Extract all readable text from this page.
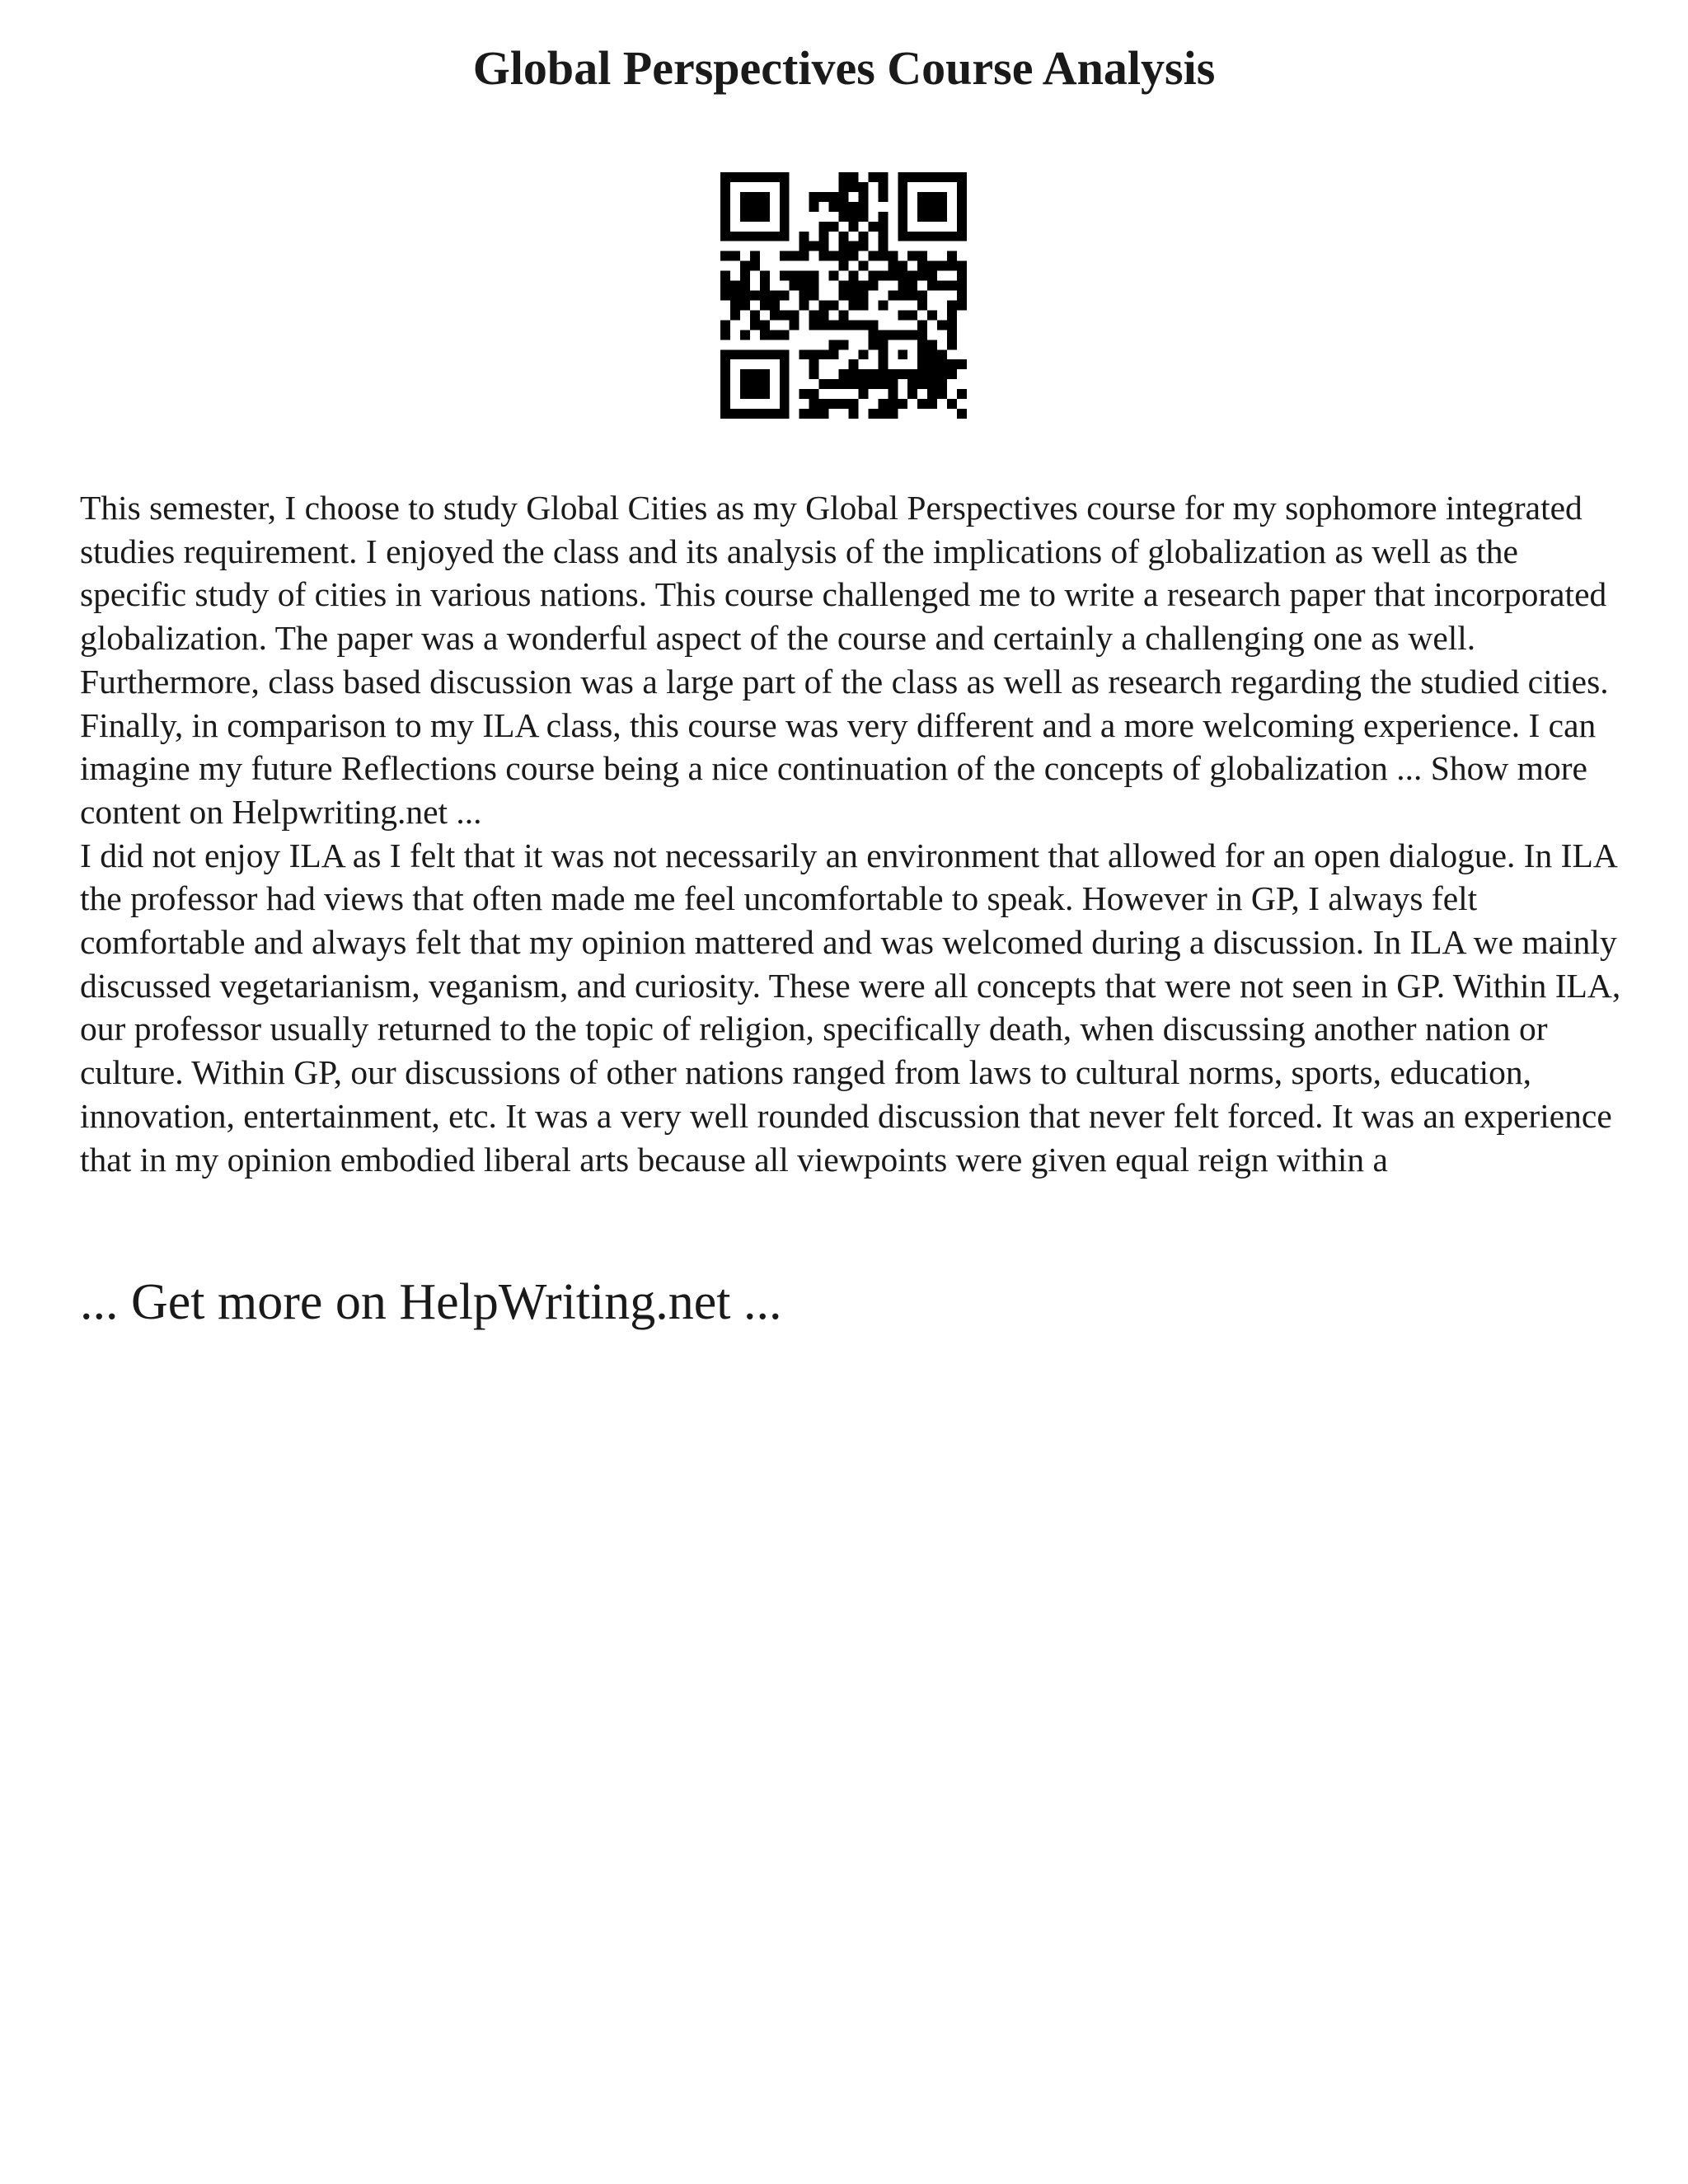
Global Perspectives Course Analysis

This semester, I choose to study Global Cities as my Global Perspectives course for my sophomore integrated studies requirement. I enjoyed the class and its analysis of the implications of globalization as well as the specific study of cities in various nations. This course challenged me to write a research paper that incorporated globalization. The paper was a wonderful aspect of the course and certainly a challenging one as well. Furthermore, class based discussion was a large part of the class as well as research regarding the studied cities. Finally, in comparison to my ILA class, this course was very different and a more welcoming experience. I can imagine my future Reflections course being a nice continuation of the concepts of globalization ... Show more content on Helpwriting.net ...

I did not enjoy ILA as I felt that it was not necessarily an environment that allowed for an open dialogue. In ILA the professor had views that often made me feel uncomfortable to speak. However in GP, I always felt comfortable and always felt that my opinion mattered and was welcomed during a discussion. In ILA we mainly discussed vegetarianism, veganism, and curiosity. These were all concepts that were not seen in GP. Within ILA, our professor usually returned to the topic of religion, specifically death, when discussing another nation or culture. Within GP, our discussions of other nations ranged from laws to cultural norms, sports, education, innovation, entertainment, etc. It was a very well rounded discussion that never felt forced. It was an experience that in my opinion embodied liberal arts because all viewpoints were given equal reign within a

... Get more on HelpWriting.net ...
